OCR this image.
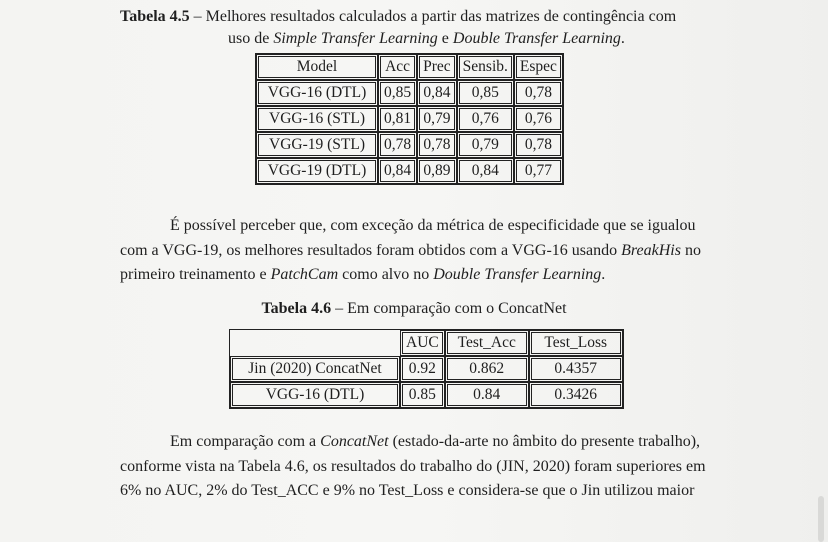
Tabela 4.5 – Melhores resultados calculados a partir das matrizes de contingência com
uso de Simple Transfer Learning e Double Transfer Learning.
Model	Acc	Prec	Sensib.	Espec
VGG-16 (DTL)	0,85	0,84	0,85	0,78
VGG-16 (STL)	0,81	0,79	0,76	0,76
VGG-19 (STL)	0,78	0,78	0,79	0,78
VGG-19 (DTL)	0,84	0,89	0,84	0,77
É possível perceber que, com exceção da métrica de especificidade que se igualou
com a VGG-19, os melhores resultados foram obtidos com a VGG-16 usando BreakHis no
primeiro treinamento e PatchCam como alvo no Double Transfer Learning.
Tabela 4.6 – Em comparação com o ConcatNet
	AUC	Test_Acc	Test_Loss
Jin (2020) ConcatNet	0.92	0.862	0.4357
VGG-16 (DTL)	0.85	0.84	0.3426
Em comparação com a ConcatNet (estado-da-arte no âmbito do presente trabalho),
conforme vista na Tabela 4.6, os resultados do trabalho do (JIN, 2020) foram superiores em
6% no AUC, 2% do Test_ACC e 9% no Test_Loss e considera-se que o Jin utilizou maior
